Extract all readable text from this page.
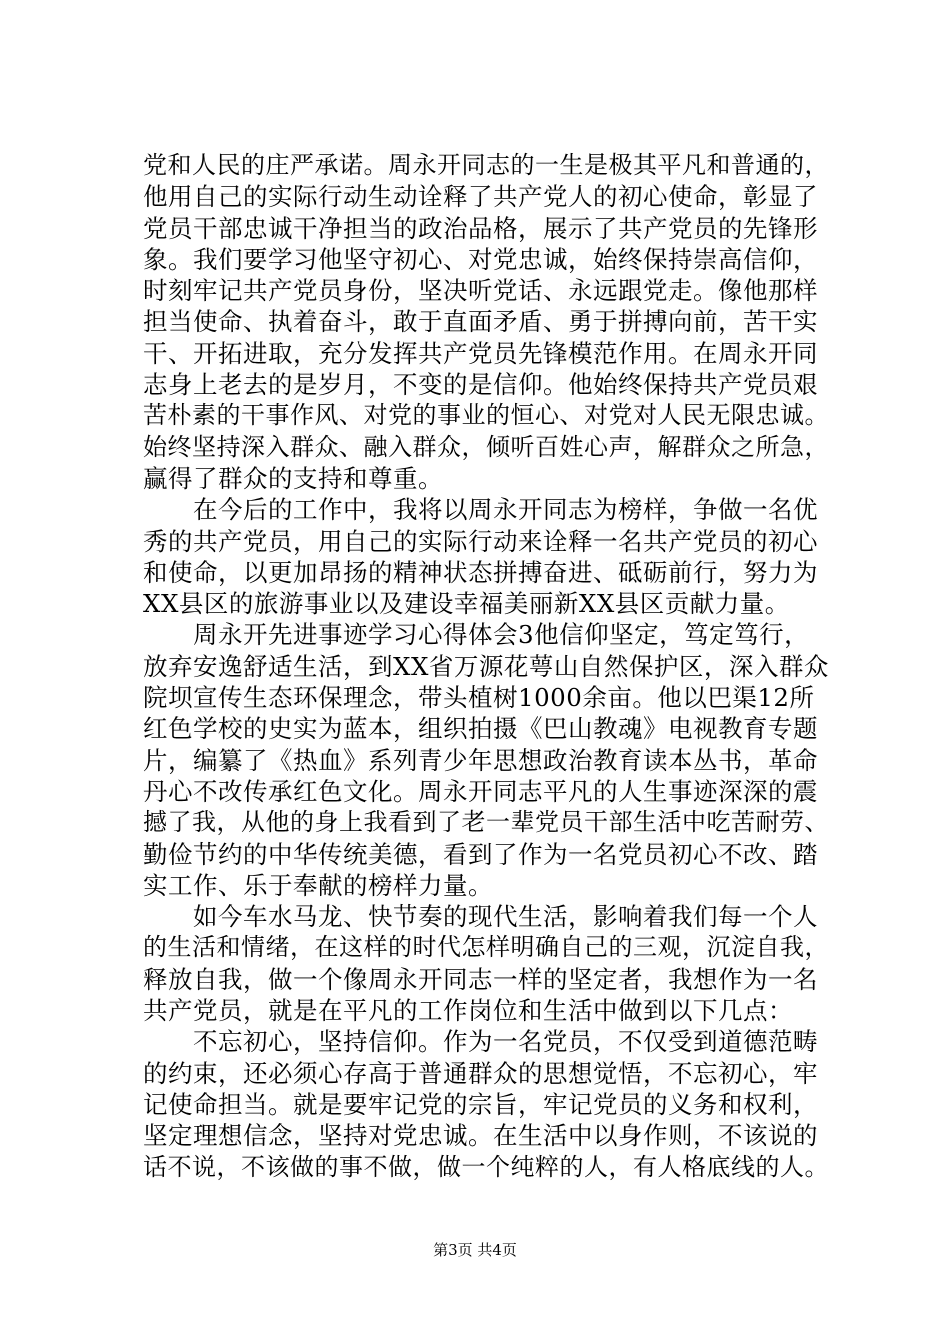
党和人民的庄严承诺。周永开同志的一生是极其平凡和普通的，
他用自己的实际行动生动诠释了共产党人的初心使命，彰显了
党员干部忠诚干净担当的政治品格，展示了共产党员的先锋形
象。我们要学习他坚守初心、对党忠诚，始终保持崇高信仰，
时刻牢记共产党员身份，坚决听党话、永远跟党走。像他那样
担当使命、执着奋斗，敢于直面矛盾、勇于拼搏向前，苦干实
干、开拓进取，充分发挥共产党员先锋模范作用。在周永开同
志身上老去的是岁月，不变的是信仰。他始终保持共产党员艰
苦朴素的干事作风、对党的事业的恒心、对党对人民无限忠诚。
始终坚持深入群众、融入群众，倾听百姓心声，解群众之所急，
赢得了群众的支持和尊重。
　　在今后的工作中，我将以周永开同志为榜样，争做一名优
秀的共产党员，用自己的实际行动来诠释一名共产党员的初心
和使命，以更加昂扬的精神状态拼搏奋进、砥砺前行，努力为
XX县区的旅游事业以及建设幸福美丽新XX县区贡献力量。
　　周永开先进事迹学习心得体会3他信仰坚定，笃定笃行，
放弃安逸舒适生活，到XX省万源花萼山自然保护区，深入群众
院坝宣传生态环保理念，带头植树1000余亩。他以巴渠12所
红色学校的史实为蓝本，组织拍摄《巴山教魂》电视教育专题
片，编纂了《热血》系列青少年思想政治教育读本丛书，革命
丹心不改传承红色文化。周永开同志平凡的人生事迹深深的震
撼了我，从他的身上我看到了老一辈党员干部生活中吃苦耐劳、
勤俭节约的中华传统美德，看到了作为一名党员初心不改、踏
实工作、乐于奉献的榜样力量。
　　如今车水马龙、快节奏的现代生活，影响着我们每一个人
的生活和情绪，在这样的时代怎样明确自己的三观，沉淀自我，
释放自我，做一个像周永开同志一样的坚定者，我想作为一名
共产党员，就是在平凡的工作岗位和生活中做到以下几点：
　　不忘初心，坚持信仰。作为一名党员，不仅受到道德范畴
的约束，还必须心存高于普通群众的思想觉悟，不忘初心，牢
记使命担当。就是要牢记党的宗旨，牢记党员的义务和权利，
坚定理想信念，坚持对党忠诚。在生活中以身作则，不该说的
话不说，不该做的事不做，做一个纯粹的人，有人格底线的人。
第3页 共4页
